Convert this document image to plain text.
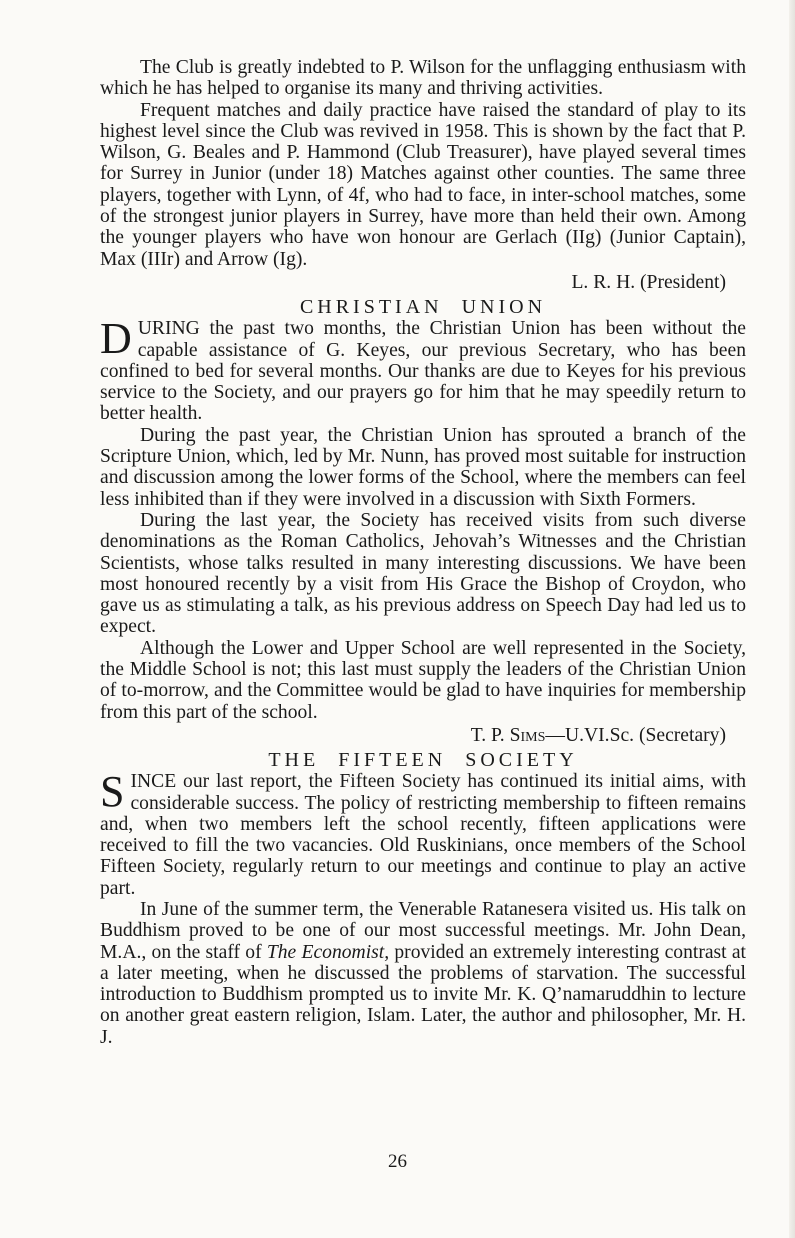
The Club is greatly indebted to P. Wilson for the unflagging enthusiasm with which he has helped to organise its many and thriving activities.

Frequent matches and daily practice have raised the standard of play to its highest level since the Club was revived in 1958. This is shown by the fact that P. Wilson, G. Beales and P. Hammond (Club Treasurer), have played several times for Surrey in Junior (under 18) Matches against other counties. The same three players, together with Lynn, of 4f, who had to face, in inter-school matches, some of the strongest junior players in Surrey, have more than held their own. Among the younger players who have won honour are Gerlach (IIg) (Junior Captain), Max (IIIr) and Arrow (Ig).

L. R. H. (President)
CHRISTIAN UNION

DURING the past two months, the Christian Union has been without the capable assistance of G. Keyes, our previous Secretary, who has been confined to bed for several months. Our thanks are due to Keyes for his previous service to the Society, and our prayers go for him that he may speedily return to better health.

During the past year, the Christian Union has sprouted a branch of the Scripture Union, which, led by Mr. Nunn, has proved most suitable for instruction and discussion among the lower forms of the School, where the members can feel less inhibited than if they were involved in a discussion with Sixth Formers.

During the last year, the Society has received visits from such diverse denominations as the Roman Catholics, Jehovah’s Witnesses and the Christian Scientists, whose talks resulted in many interesting discussions. We have been most honoured recently by a visit from His Grace the Bishop of Croydon, who gave us as stimulating a talk, as his previous address on Speech Day had led us to expect.

Although the Lower and Upper School are well represented in the Society, the Middle School is not; this last must supply the leaders of the Christian Union of to-morrow, and the Committee would be glad to have inquiries for membership from this part of the school.

T. P. Sims—U.VI.Sc. (Secretary)
THE FIFTEEN SOCIETY

SINCE our last report, the Fifteen Society has continued its initial aims, with considerable success. The policy of restricting membership to fifteen remains and, when two members left the school recently, fifteen applications were received to fill the two vacancies. Old Ruskinians, once members of the School Fifteen Society, regularly return to our meetings and continue to play an active part.

In June of the summer term, the Venerable Ratanesera visited us. His talk on Buddhism proved to be one of our most successful meetings. Mr. John Dean, M.A., on the staff of The Economist, provided an extremely interesting contrast at a later meeting, when he discussed the problems of starvation. The successful introduction to Buddhism prompted us to invite Mr. K. Q’namaruddhin to lecture on another great eastern religion, Islam. Later, the author and philosopher, Mr. H. J.

26
